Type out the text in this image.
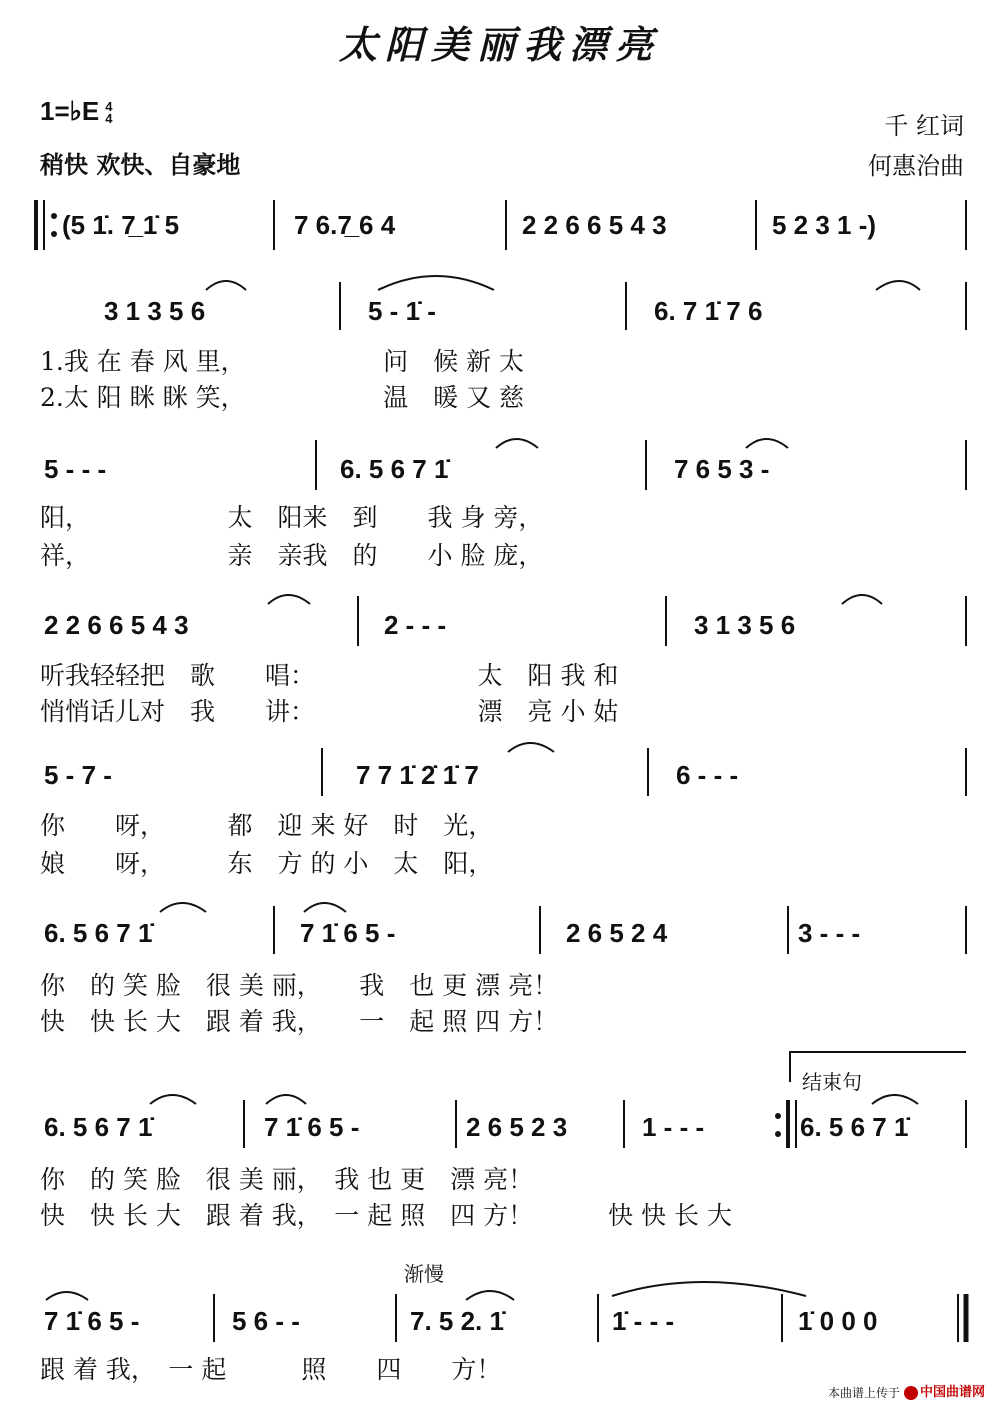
太阳美丽我漂亮
1=♭E 4
4
稍快 欢快、自豪地
千 红词
何惠治曲
(5 1̇. 7̲ 1̇ 5	7 6.7̲ 6 4	2 2 6 6 5 4 3	5 2 3 1 -)
3 1 3 5 6	5 - 1̇ -	6. 7 1̇ 7 6
1.我 在 春 风 里，　　　　　　问　候 新 太
2.太 阳 眯 眯 笑，　　　　　　温　暖 又 慈
5 - - -	6. 5 6 7 1̇	7 6 5 3 -
阳，　　　　　　太　阳来　到　　我 身 旁，
祥，　　　　　　亲　亲我　的　　小 脸 庞，
2 2 6 6 5 4 3	2 - - -	3 1 3 5 6
听我轻轻把　歌　　唱：　　　　　　　太　阳 我 和
悄悄话儿对　我　　讲：　　　　　　　漂　亮 小 姑
5 - 7 -	7 7 1̇ 2̇ 1̇ 7	6 - - -
你　　呀，　　　都　迎 来 好　时　光，
娘　　呀，　　　东　方 的 小　太　阳，
6. 5 6 7 1̇	7 1̇ 6 5 -	2 6 5 2 4	3 - - -
你　的 笑 脸　很 美 丽，　　我　也 更 漂 亮！
快　快 长 大　跟 着 我，　　一　起 照 四 方！
结束句
6. 5 6 7 1̇	7 1̇ 6 5 -	2 6 5 2 3	1 - - -	6. 5 6 7 1̇
你　的 笑 脸　很 美 丽，　我 也 更　漂 亮！
快　快 长 大　跟 着 我，　一 起 照　四 方！　　　快 快 长 大
渐慢
7 1̇ 6 5 -	5 6 - -	7. 5 2. 1̇	1̇ - - -	1̇ 0 0 0
跟 着 我，　一 起　　　照　　四　　方！
本曲谱上传于	中国曲谱网
